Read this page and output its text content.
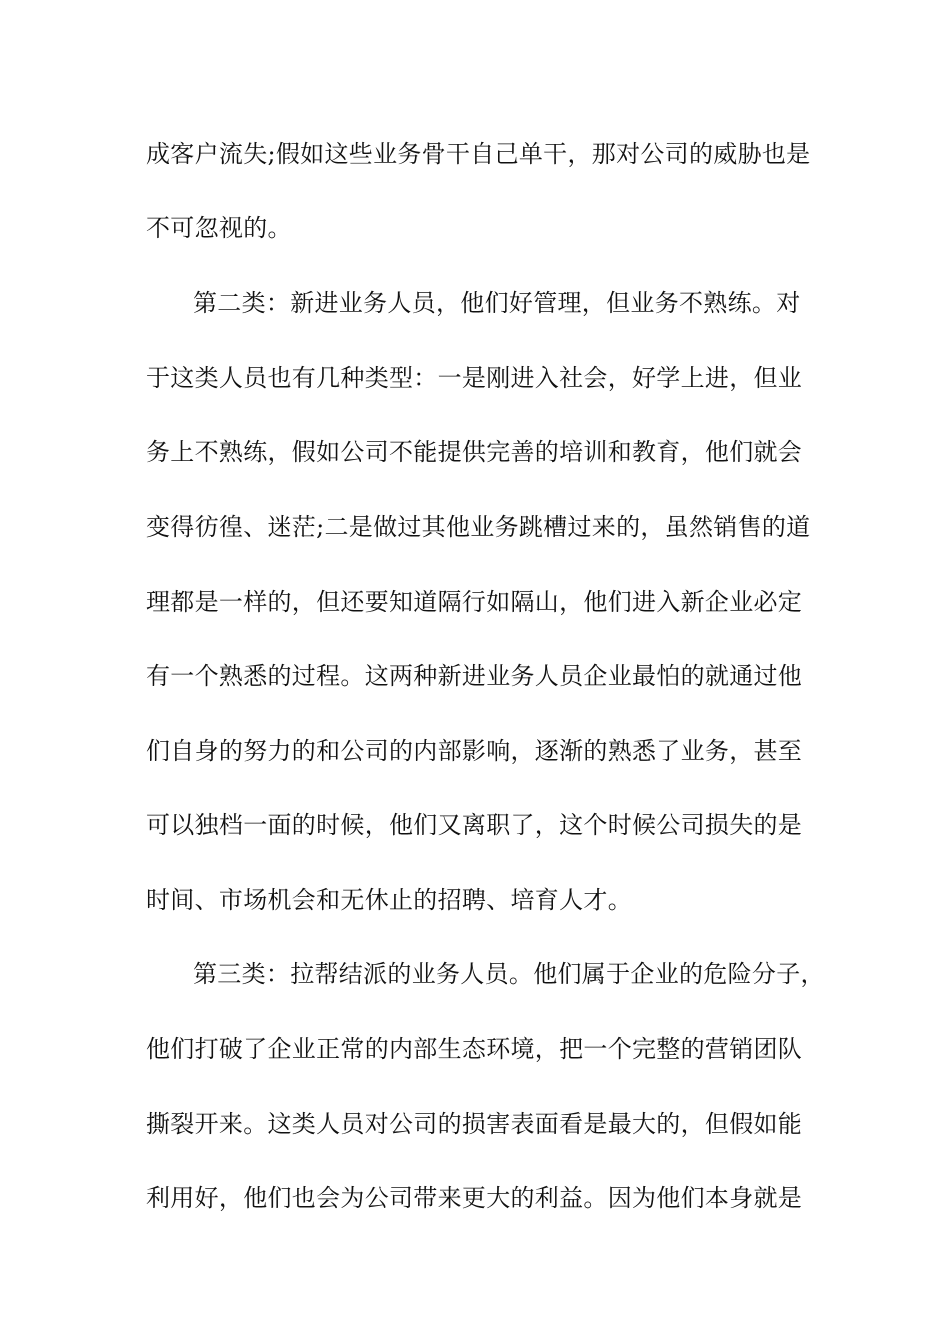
成客户流失;假如这些业务骨干自己单干，那对公司的威胁也是
不可忽视的。
第二类：新进业务人员，他们好管理，但业务不熟练。对
于这类人员也有几种类型：一是刚进入社会，好学上进，但业
务上不熟练，假如公司不能提供完善的培训和教育，他们就会
变得彷徨、迷茫;二是做过其他业务跳槽过来的，虽然销售的道
理都是一样的，但还要知道隔行如隔山，他们进入新企业必定
有一个熟悉的过程。这两种新进业务人员企业最怕的就通过他
们自身的努力的和公司的内部影响，逐渐的熟悉了业务，甚至
可以独档一面的时候，他们又离职了，这个时候公司损失的是
时间、市场机会和无休止的招聘、培育人才。
第三类：拉帮结派的业务人员。他们属于企业的危险分子，
他们打破了企业正常的内部生态环境，把一个完整的营销团队
撕裂开来。这类人员对公司的损害表面看是最大的，但假如能
利用好，他们也会为公司带来更大的利益。因为他们本身就是
